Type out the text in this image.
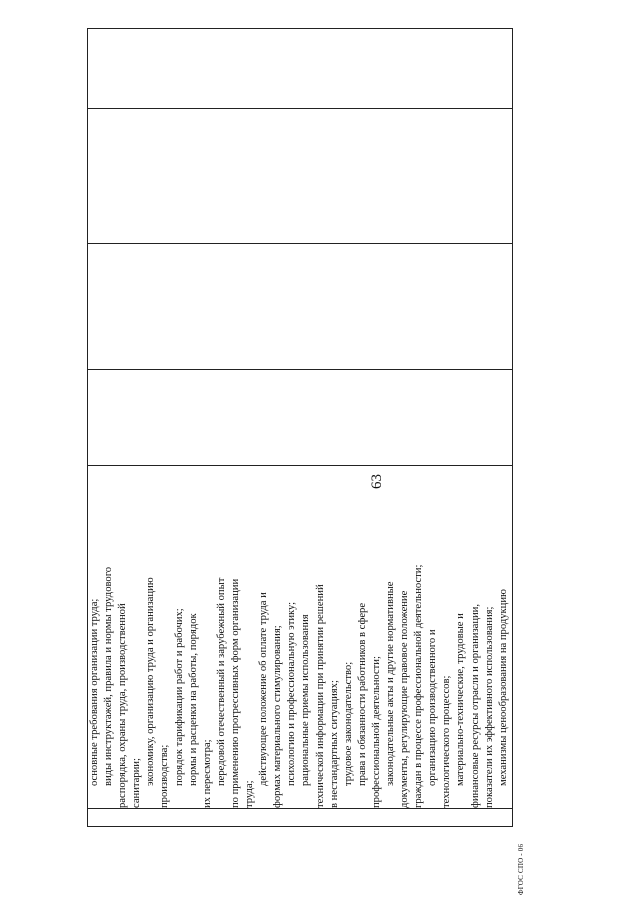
63
ФГОС СПО - 06

основные требования организации труда; виды инструктажей, правила и нормы трудового распорядка, охраны труда, производственной санитарии; экономику, организацию труда и организацию производства; порядок тарификации работ и рабочих; нормы и расценки на работы, порядок их пересмотра; передовой отечественный и зарубежный опыт по применению прогрессивных форм организации труда;
действующее положение об оплате труда и формах материального стимулирования; психологию и профессиональную этику; рациональные приемы использования технической информации при принятии решений в нестандартных ситуациях; трудовое законодательство; права и обязанности работников в сфере профессиональной деятельности; законодательные акты и другие нормативные документы, регулирующие правовое положение граждан в процессе профессиональной деятельности; организацию производственного и технологического процессов; материально-технические, трудовые и финансовые ресурсы отрасли и организации, показатели их эффективного использования; механизмы ценообразования на продукцию
